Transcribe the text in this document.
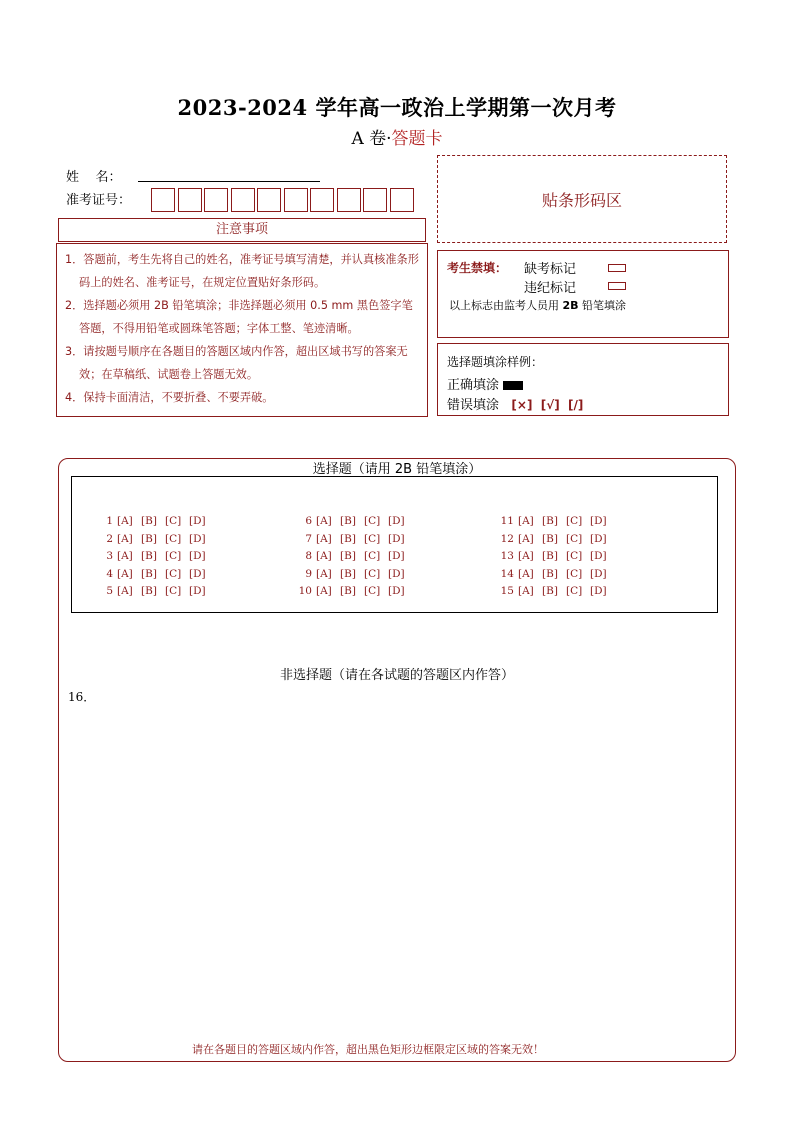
2023-2024 学年高一政治上学期第一次月考
A 卷·答题卡
姓    名：
准考证号：	贴条形码区
注意事项
1．答题前，考生先将自己的姓名，准考证号填写清楚，并认真核准条形码上的姓名、准考证号，在规定位置贴好条形码。
2．选择题必须用 2B 铅笔填涂；非选择题必须用 0.5 mm 黑色签字笔答题，不得用铅笔或圆珠笔答题；字体工整、笔迹清晰。
3．请按题号顺序在各题目的答题区域内作答，超出区域书写的答案无效；在草稿纸、试题卷上答题无效。
4．保持卡面清洁，不要折叠、不要弄破。
考生禁填： 缺考标记
违纪标记
以上标志由监考人员用 2B 铅笔填涂
选择题填涂样例：
正确填涂
错误填涂 [×] [√] [/]
选择题（请用 2B 铅笔填涂）
1 [A] [B] [C] [D]
2 [A] [B] [C] [D]
3 [A] [B] [C] [D]
4 [A] [B] [C] [D]
5 [A] [B] [C] [D]
6 [A] [B] [C] [D]
7 [A] [B] [C] [D]
8 [A] [B] [C] [D]
9 [A] [B] [C] [D]
10 [A] [B] [C] [D]
11 [A] [B] [C] [D]
12 [A] [B] [C] [D]
13 [A] [B] [C] [D]
14 [A] [B] [C] [D]
15 [A] [B] [C] [D]
非选择题（请在各试题的答题区内作答）
16．
请在各题目的答题区域内作答，超出黑色矩形边框限定区域的答案无效！
